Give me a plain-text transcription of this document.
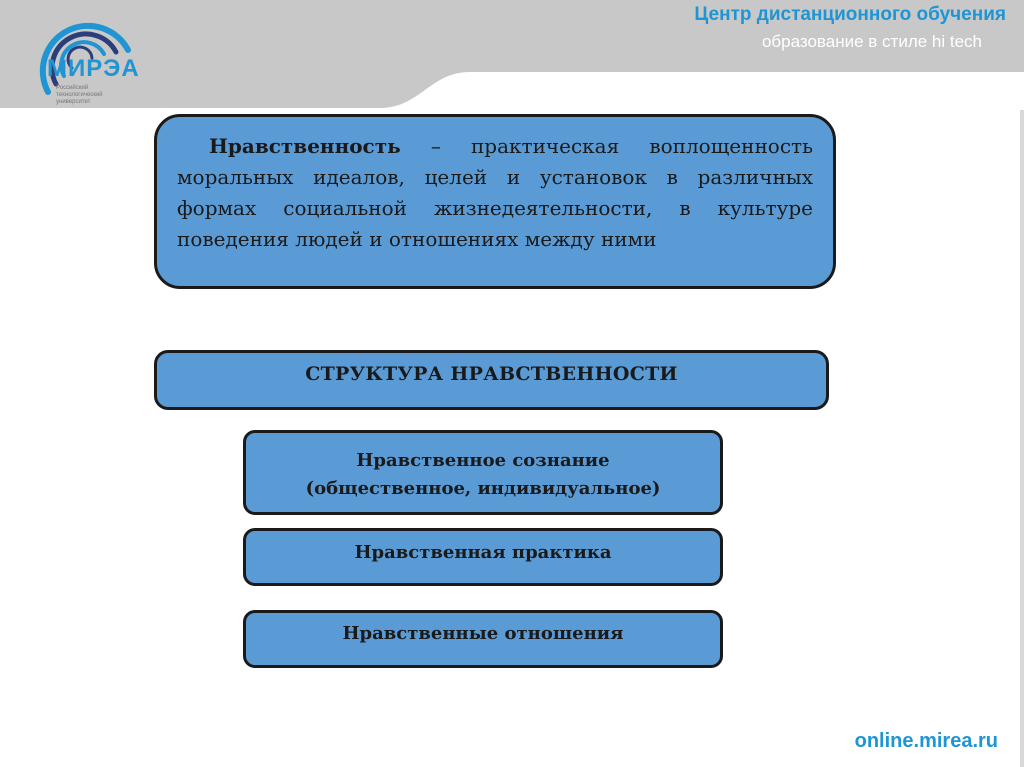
МИРЭА
Российский технологический университет
Центр дистанционного обучения
образование в стиле hi tech
Нравственность – практическая воплощенность моральных идеалов, целей и установок в различных формах социальной жизнедеятельности, в культуре поведения людей и отношениях между ними
СТРУКТУРА НРАВСТВЕННОСТИ
Нравственное сознание
(общественное, индивидуальное)
Нравственная практика
Нравственные отношения
online.mirea.ru
